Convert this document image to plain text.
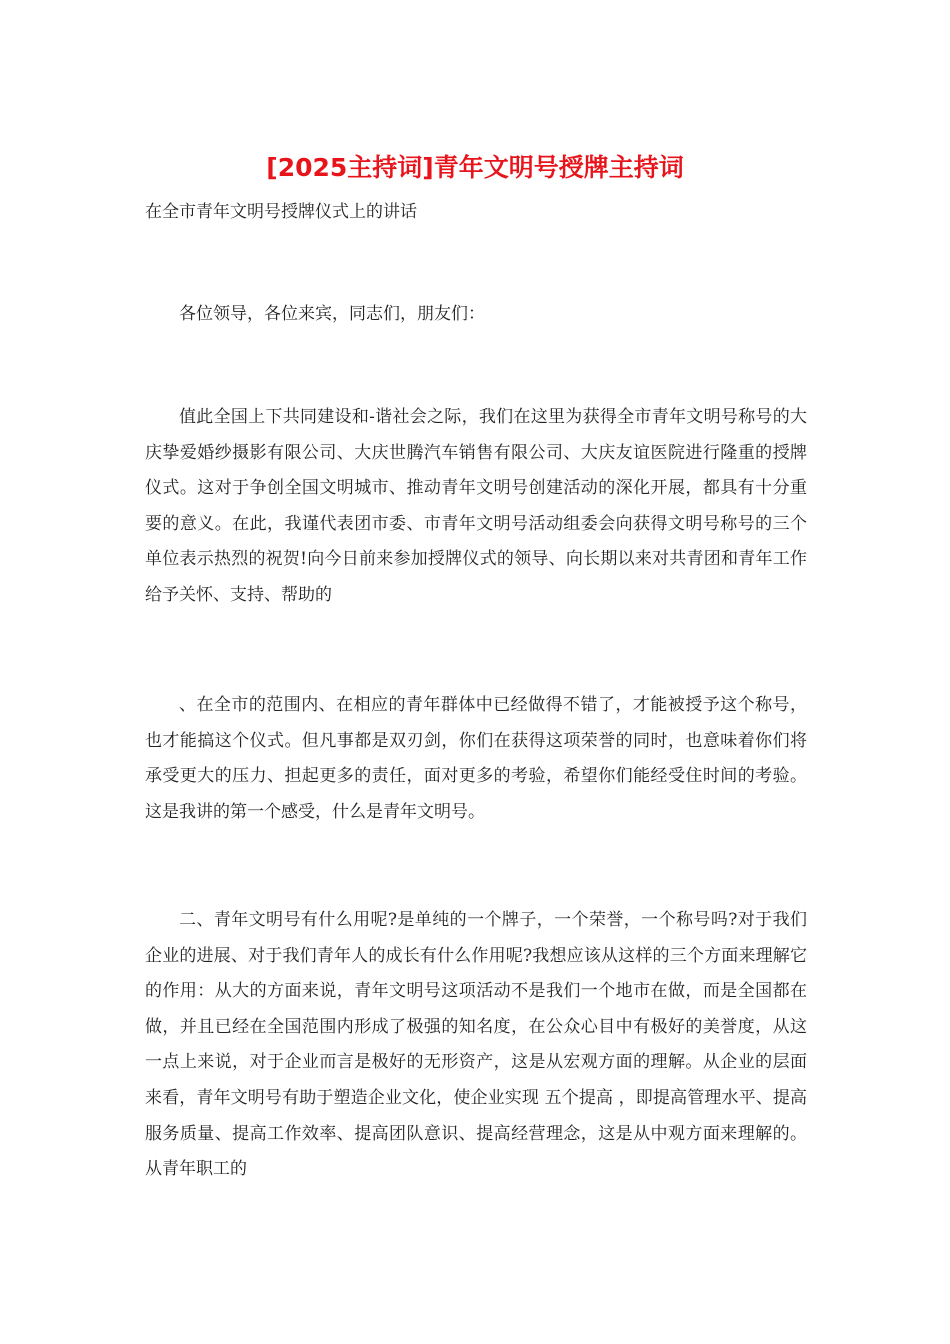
[2025主持词]青年文明号授牌主持词
在全市青年文明号授牌仪式上的讲话

各位领导，各位来宾，同志们，朋友们：

值此全国上下共同建设和-谐社会之际，我们在这里为获得全市青年文明号称号的大庆挚爱婚纱摄影有限公司、大庆世腾汽车销售有限公司、大庆友谊医院进行隆重的授牌仪式。这对于争创全国文明城市、推动青年文明号创建活动的深化开展，都具有十分重要的意义。在此，我谨代表团市委、市青年文明号活动组委会向获得文明号称号的三个单位表示热烈的祝贺!向今日前来参加授牌仪式的领导、向长期以来对共青团和青年工作给予关怀、支持、帮助的

、在全市的范围内、在相应的青年群体中已经做得不错了，才能被授予这个称号，也才能搞这个仪式。但凡事都是双刃剑，你们在获得这项荣誉的同时，也意味着你们将承受更大的压力、担起更多的责任，面对更多的考验，希望你们能经受住时间的考验。这是我讲的第一个感受，什么是青年文明号。

二、青年文明号有什么用呢?是单纯的一个牌子，一个荣誉，一个称号吗?对于我们企业的进展、对于我们青年人的成长有什么作用呢?我想应该从这样的三个方面来理解它的作用：从大的方面来说，青年文明号这项活动不是我们一个地市在做，而是全国都在做，并且已经在全国范围内形成了极强的知名度，在公众心目中有极好的美誉度，从这一点上来说，对于企业而言是极好的无形资产，这是从宏观方面的理解。从企业的层面来看，青年文明号有助于塑造企业文化，使企业实现 五个提高 ，即提高管理水平、提高服务质量、提高工作效率、提高团队意识、提高经营理念，这是从中观方面来理解的。从青年职工的
